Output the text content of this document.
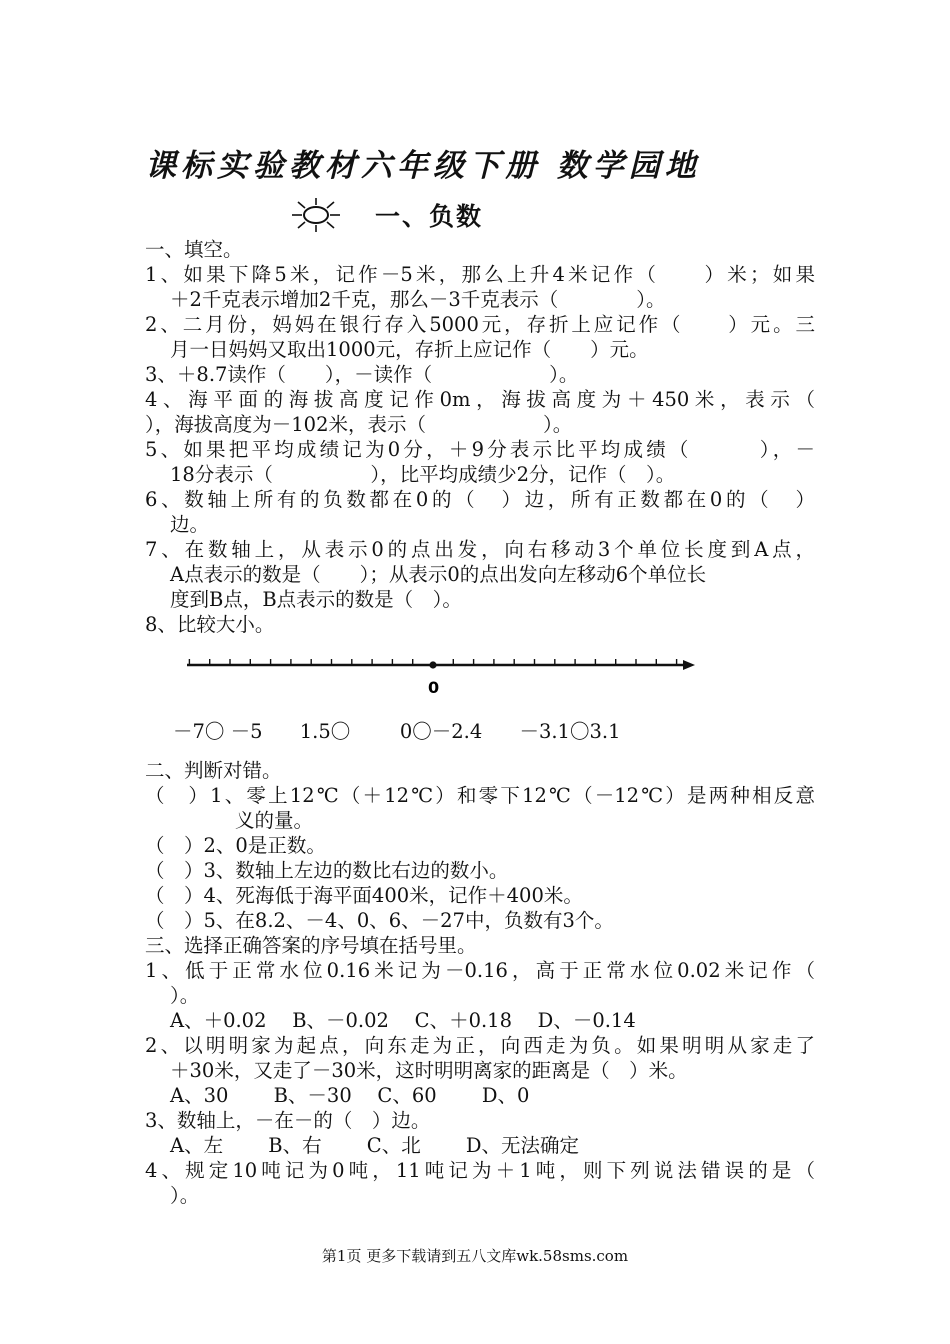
课标实验教材六年级下册 数学园地
一、负数
一、填空。
1、如果下降5米，记作－5米，那么上升4米记作（　　）米；如果
＋2千克表示增加2千克，那么－3千克表示（　　　　）。
2、二月份，妈妈在银行存入5000元，存折上应记作（　　）元。三
月一日妈妈又取出1000元，存折上应记作（　　）元。
3、＋8.7读作（　　），－读作（　　　　　　）。
4、海平面的海拔高度记作0m，海拔高度为＋450米，表示（
），海拔高度为－102米，表示（　　　　　　）。
5、如果把平均成绩记为0分，＋9分表示比平均成绩（　　　），－
18分表示（　　　　　），比平均成绩少2分，记作（　）。
6、数轴上所有的负数都在0的（　）边，所有正数都在0的（　）
边。
7、在数轴上，从表示0的点出发，向右移动3个单位长度到A点，
A点表示的数是（　　）；从表示0的点出发向左移动6个单位长
度到B点，B点表示的数是（　）。
8、比较大小。
0
－7〇 －5 1.5〇	0〇－2.4 －3.1〇3.1
二、判断对错。
（　）1、零上12℃（＋12℃）和零下12℃（－12℃）是两种相反意
义的量。
（　）2、0是正数。
（　）3、数轴上左边的数比右边的数小。
（　）4、死海低于海平面400米，记作＋400米。
（　）5、在8.2、－4、0、6、－27中，负数有3个。
三、选择正确答案的序号填在括号里。
1、低于正常水位0.16米记为－0.16，高于正常水位0.02米记作（
）。
A、＋0.02　 B、－0.02　 C、＋0.18　 D、－0.14
2、以明明家为起点，向东走为正，向西走为负。如果明明从家走了
＋30米，又走了－30米，这时明明离家的距离是（　）米。
A、30　　 B、－30　 C、60　　 D、0
3、数轴上，－在－的（　）边。
A、左　　 B、右　　 C、北　　 D、无法确定
4、规定10吨记为0吨，11吨记为＋1吨，则下列说法错误的是（
）。
第1页 更多下载请到五八文库wk.58sms.com
